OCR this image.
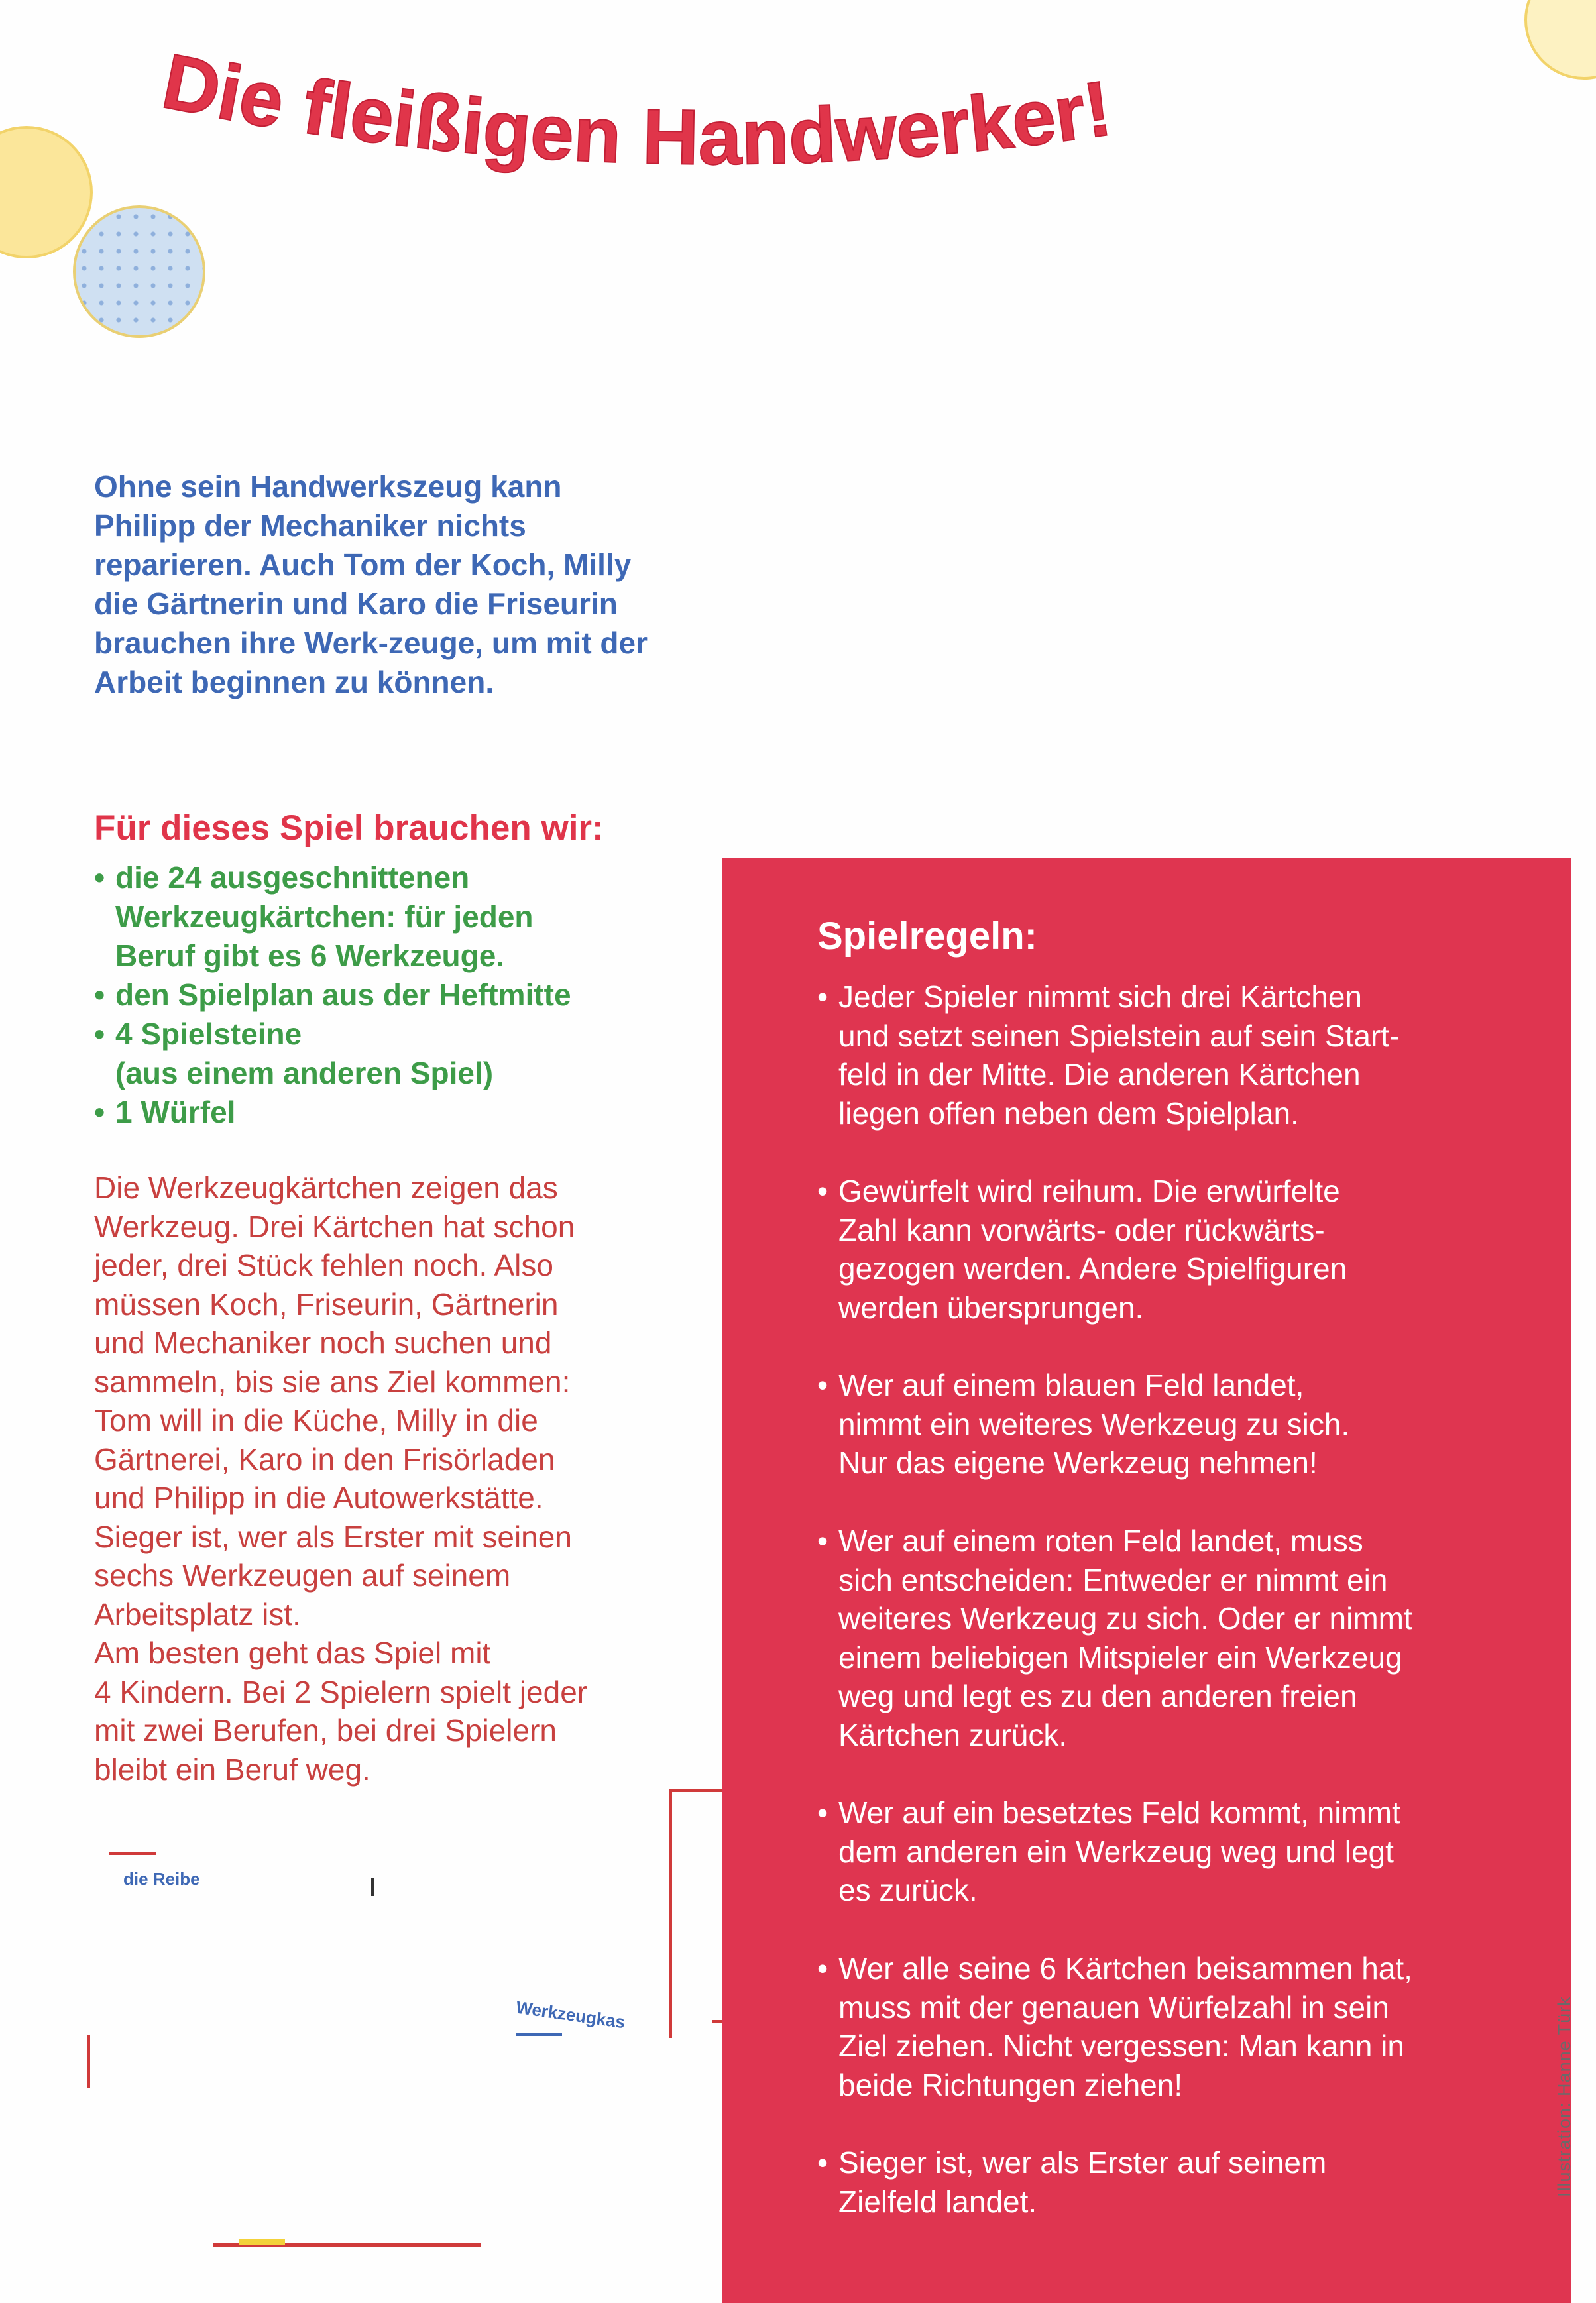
Die fleißigen Handwerker!

Ohne sein Handwerkszeug kann Philipp der Mechaniker nichts reparieren. Auch Tom der Koch, Milly die Gärtnerin und Karo die Friseurin brauchen ihre Werk-zeuge, um mit der Arbeit beginnen zu können.

Für dieses Spiel brauchen wir:
• die 24 ausgeschnittenen
Werkzeugkärtchen: für jeden
Beruf gibt es 6 Werkzeuge.
• den Spielplan aus der Heftmitte
• 4 Spielsteine
(aus einem anderen Spiel)
• 1 Würfel

Die Werkzeugkärtchen zeigen das
Werkzeug. Drei Kärtchen hat schon
jeder, drei Stück fehlen noch. Also
müssen Koch, Friseurin, Gärtnerin
und Mechaniker noch suchen und
sammeln, bis sie ans Ziel kommen:
Tom will in die Küche, Milly in die
Gärtnerei, Karo in den Frisörladen
und Philipp in die Autowerkstätte.
Sieger ist, wer als Erster mit seinen
sechs Werkzeugen auf seinem
Arbeitsplatz ist.
Am besten geht das Spiel mit
4 Kindern. Bei 2 Spielern spielt jeder
mit zwei Berufen, bei drei Spielern
bleibt ein Beruf weg.

die Reibe
Werkzeugkas
Spielregeln:

• Jeder Spieler nimmt sich drei Kärtchen
und setzt seinen Spielstein auf sein Start-
feld in der Mitte. Die anderen Kärtchen
liegen offen neben dem Spielplan.

• Gewürfelt wird reihum. Die erwürfelte
Zahl kann vorwärts- oder rückwärts-
gezogen werden. Andere Spielfiguren
werden übersprungen.

• Wer auf einem blauen Feld landet,
nimmt ein weiteres Werkzeug zu sich.
Nur das eigene Werkzeug nehmen!

• Wer auf einem roten Feld landet, muss
sich entscheiden: Entweder er nimmt ein
weiteres Werkzeug zu sich. Oder er nimmt
einem beliebigen Mitspieler ein Werkzeug
weg und legt es zu den anderen freien
Kärtchen zurück.

• Wer auf ein besetztes Feld kommt, nimmt
dem anderen ein Werkzeug weg und legt
es zurück.

• Wer alle seine 6 Kärtchen beisammen hat,
muss mit der genauen Würfelzahl in sein
Ziel ziehen. Nicht vergessen: Man kann in
beide Richtungen ziehen!

• Sieger ist, wer als Erster auf seinem
Zielfeld landet.

Illustration: Hanne Türk
